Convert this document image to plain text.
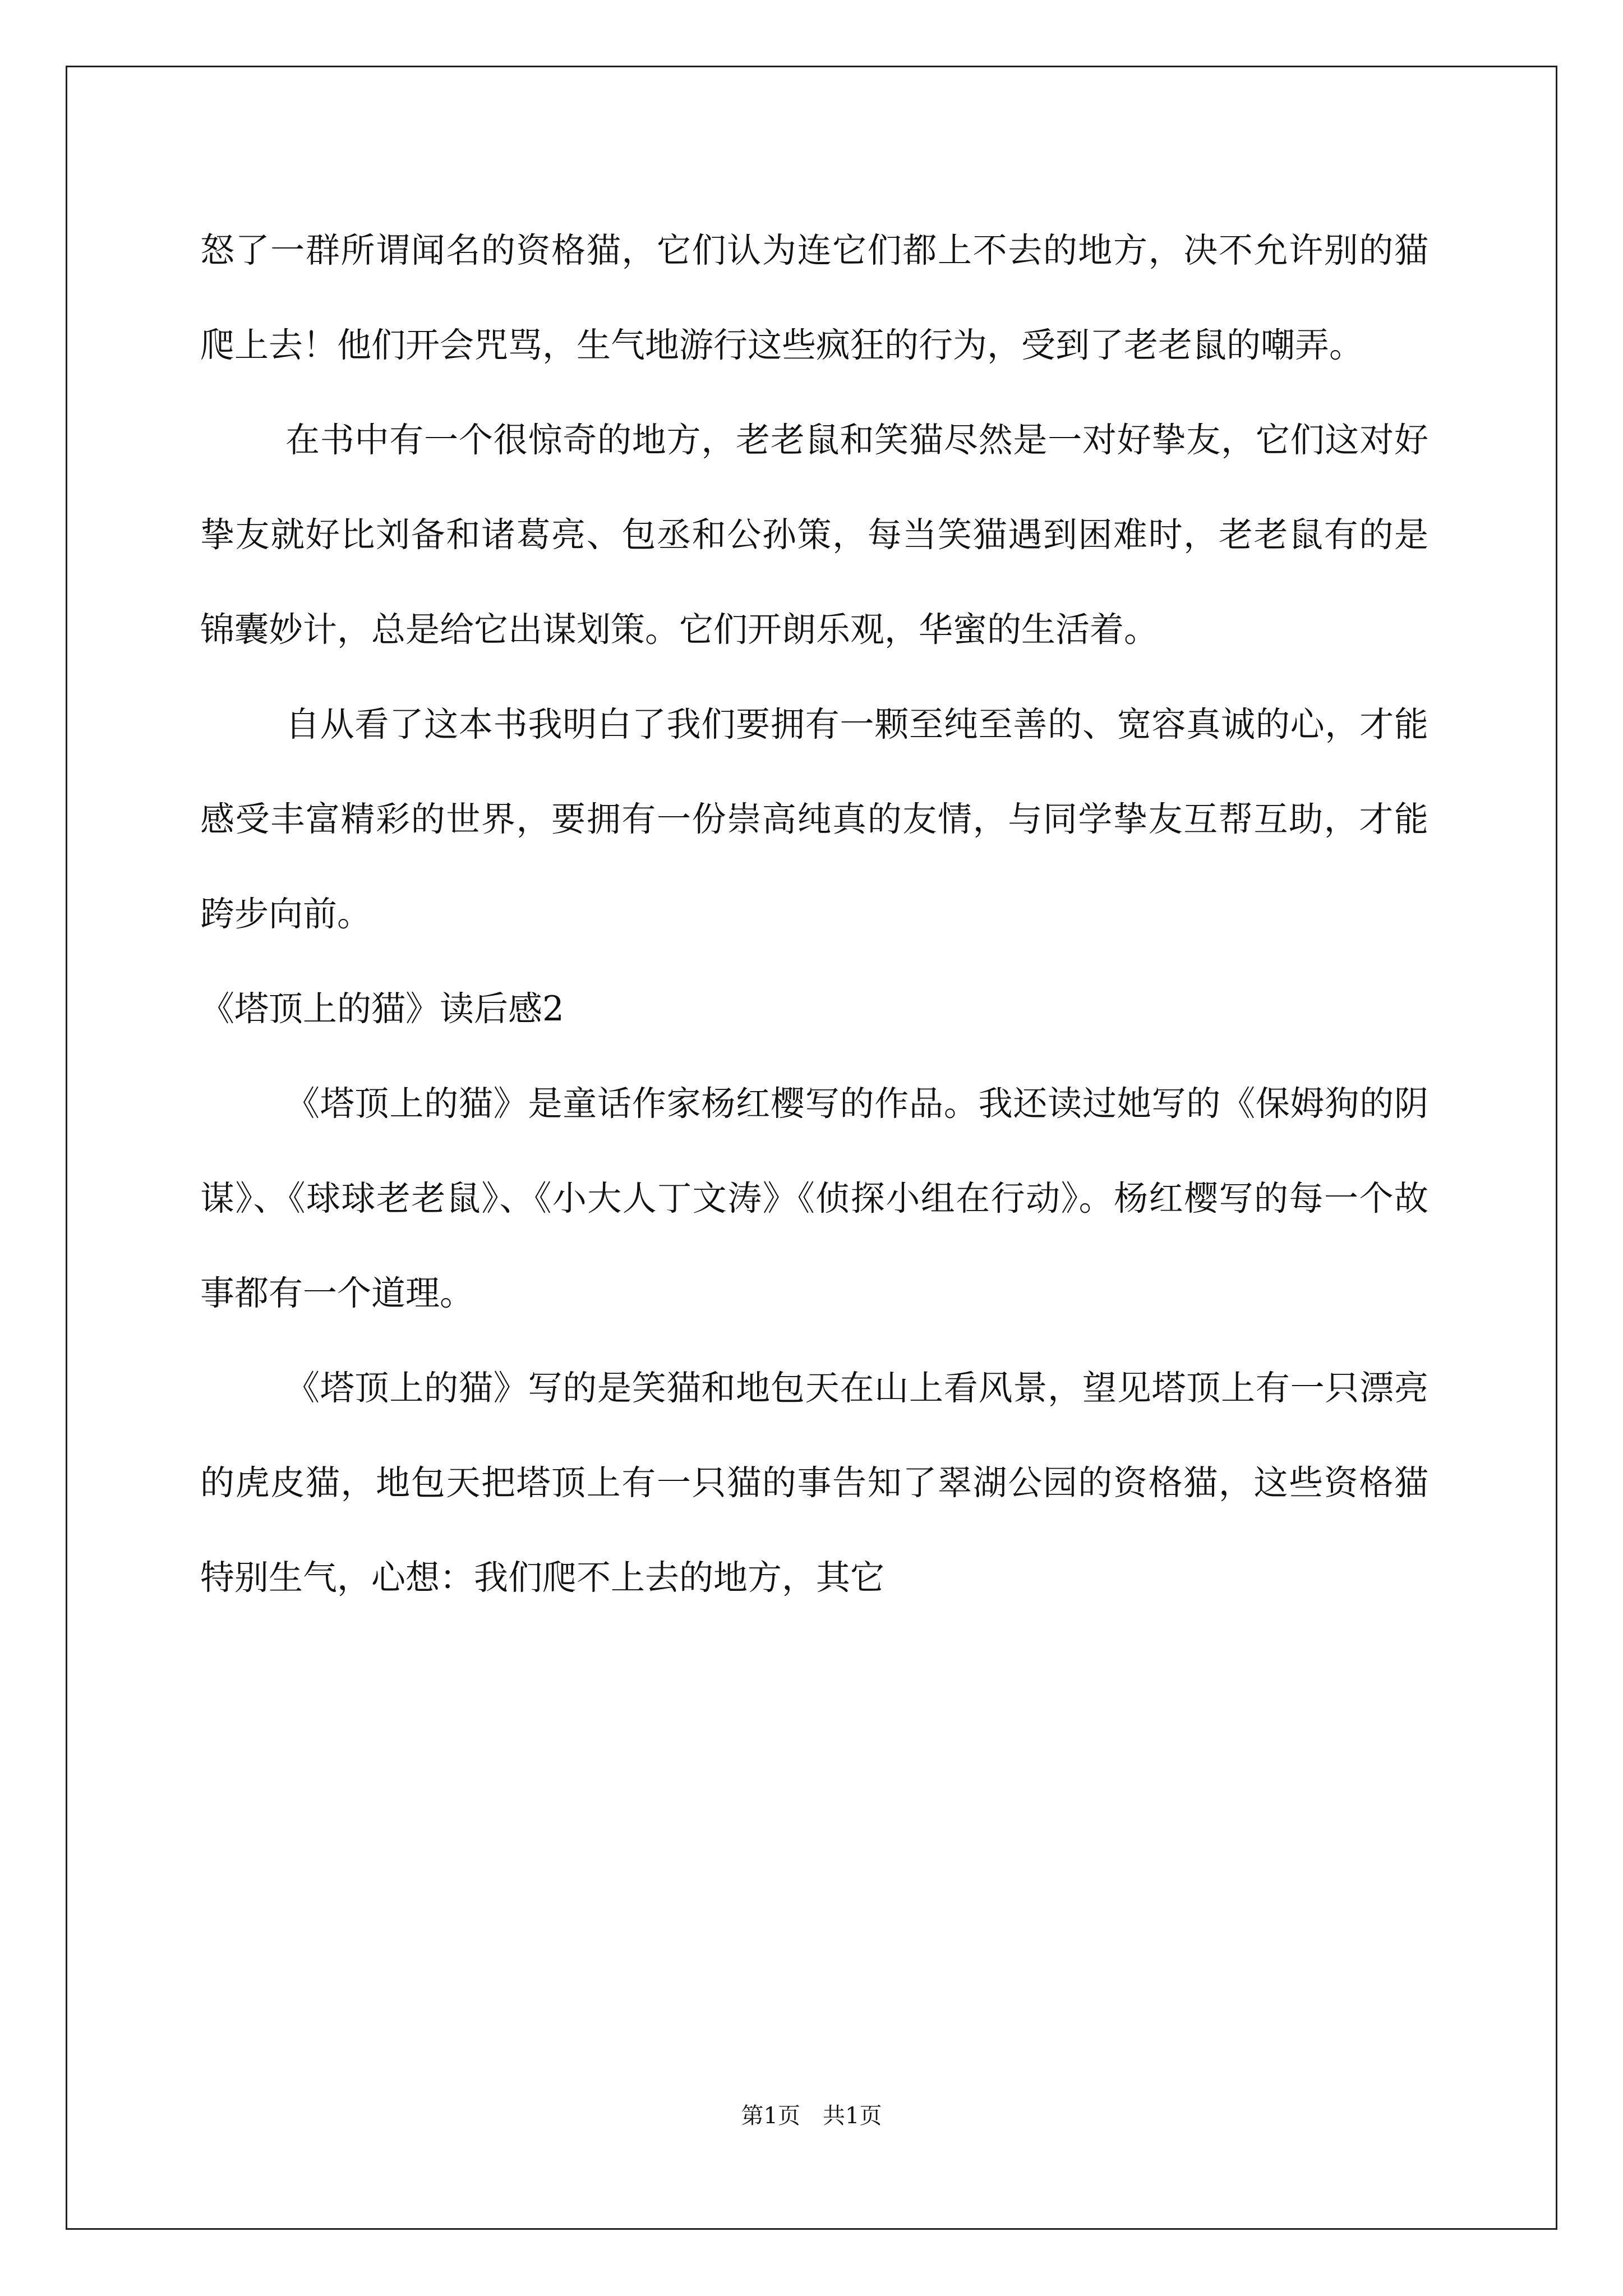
怒了一群所谓闻名的资格猫，它们认为连它们都上不去的地方，决不允许别的猫爬上去！他们开会咒骂，生气地游行这些疯狂的行为，受到了老老鼠的嘲弄。

在书中有一个很惊奇的地方，老老鼠和笑猫尽然是一对好挚友，它们这对好挚友就好比刘备和诸葛亮、包丞和公孙策，每当笑猫遇到困难时，老老鼠有的是锦囊妙计，总是给它出谋划策。它们开朗乐观，华蜜的生活着。

自从看了这本书我明白了我们要拥有一颗至纯至善的、宽容真诚的心，才能感受丰富精彩的世界，要拥有一份崇高纯真的友情，与同学挚友互帮互助，才能跨步向前。

《塔顶上的猫》读后感2

《塔顶上的猫》是童话作家杨红樱写的作品。我还读过她写的《保姆狗的阴谋》、《球球老老鼠》、《小大人丁文涛》《侦探小组在行动》。杨红樱写的每一个故事都有一个道理。

《塔顶上的猫》写的是笑猫和地包天在山上看风景，望见塔顶上有一只漂亮的虎皮猫，地包天把塔顶上有一只猫的事告知了翠湖公园的资格猫，这些资格猫特别生气，心想：我们爬不上去的地方，其它

第1页 共1页
